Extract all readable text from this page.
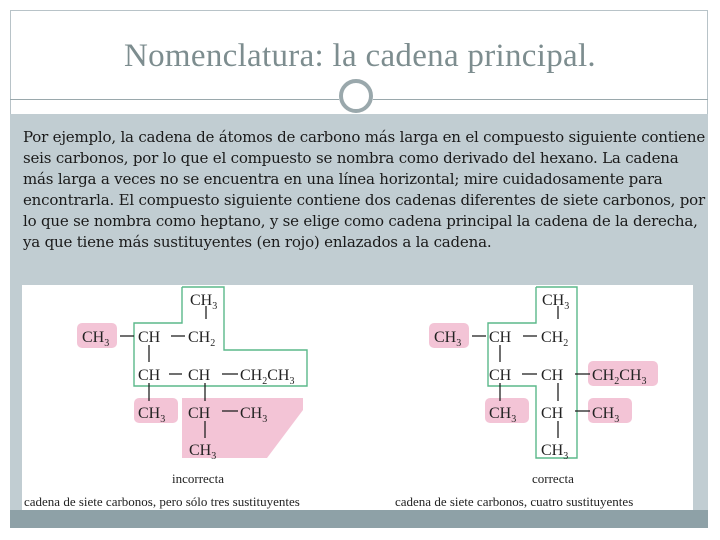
Nomenclatura: la cadena principal.
Por ejemplo, la cadena de átomos de carbono más larga en el compuesto siguiente contiene seis carbonos, por lo que el compuesto se nombra como derivado del hexano. La cadena más larga a veces no se encuentra en una línea horizontal; mire cuidadosamente para encontrarla. El compuesto siguiente contiene dos cadenas diferentes de siete carbonos, por lo que se nombra como heptano, y se elige como cadena principal la cadena de la derecha, ya que tiene más sustituyentes (en rojo) enlazados a la cadena.
$CH_3$
$CH_3$ CH $CH_2$
CH CH $CH_2CH_3$
$CH_3$ CH $CH_3$
$CH_3$
incorrecta
cadena de siete carbonos, pero sólo tres sustituyentes
$CH_3$
$CH_3$ CH $CH_2$
CH CH $CH_2CH_3$
$CH_3$ CH $CH_3$
$CH_3$
correcta
cadena de siete carbonos, cuatro sustituyentes
